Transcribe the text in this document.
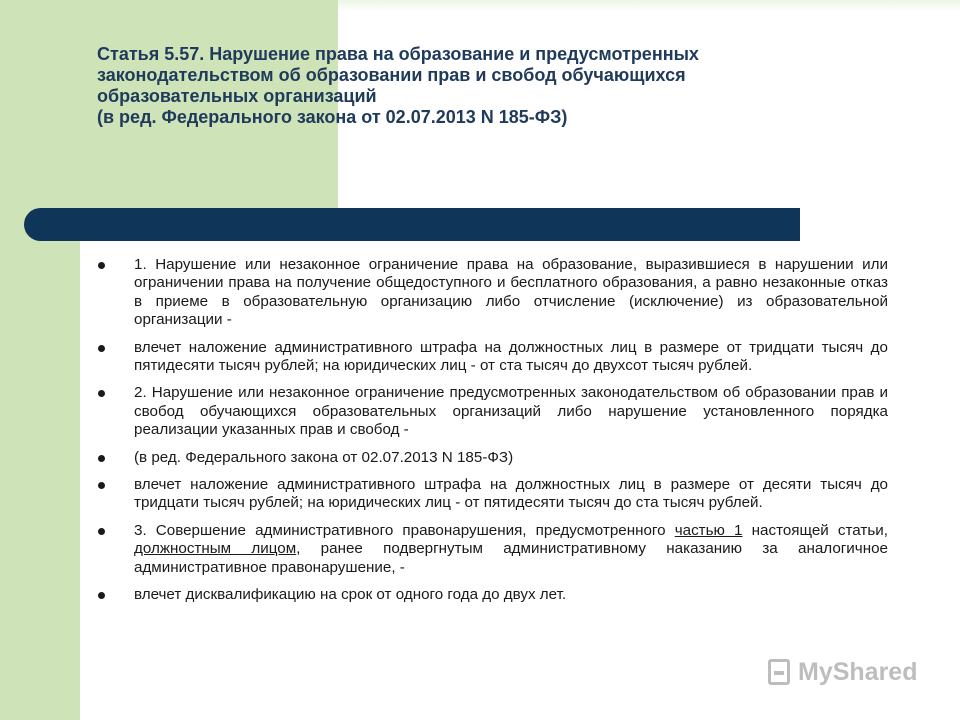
Статья 5.57. Нарушение права на образование и предусмотренных
законодательством об образовании прав и свобод обучающихся
образовательных организаций
(в ред. Федерального закона от 02.07.2013 N 185-ФЗ)
1. Нарушение или незаконное ограничение права на образование, выразившиеся в нарушении или ограничении права на получение общедоступного и бесплатного образования, а равно незаконные отказ в приеме в образовательную организацию либо отчисление (исключение) из образовательной организации -
влечет наложение административного штрафа на должностных лиц в размере от тридцати тысяч до пятидесяти тысяч рублей; на юридических лиц - от ста тысяч до двухсот тысяч рублей.
2. Нарушение или незаконное ограничение предусмотренных законодательством об образовании прав и свобод обучающихся образовательных организаций либо нарушение установленного порядка реализации указанных прав и свобод -
(в ред. Федерального закона от 02.07.2013 N 185-ФЗ)
влечет наложение административного штрафа на должностных лиц в размере от десяти тысяч до тридцати тысяч рублей; на юридических лиц - от пятидесяти тысяч до ста тысяч рублей.
3. Совершение административного правонарушения, предусмотренного частью 1 настоящей статьи, должностным лицом, ранее подвергнутым административному наказанию за аналогичное административное правонарушение, -
влечет дисквалификацию на срок от одного года до двух лет.
MyShared
